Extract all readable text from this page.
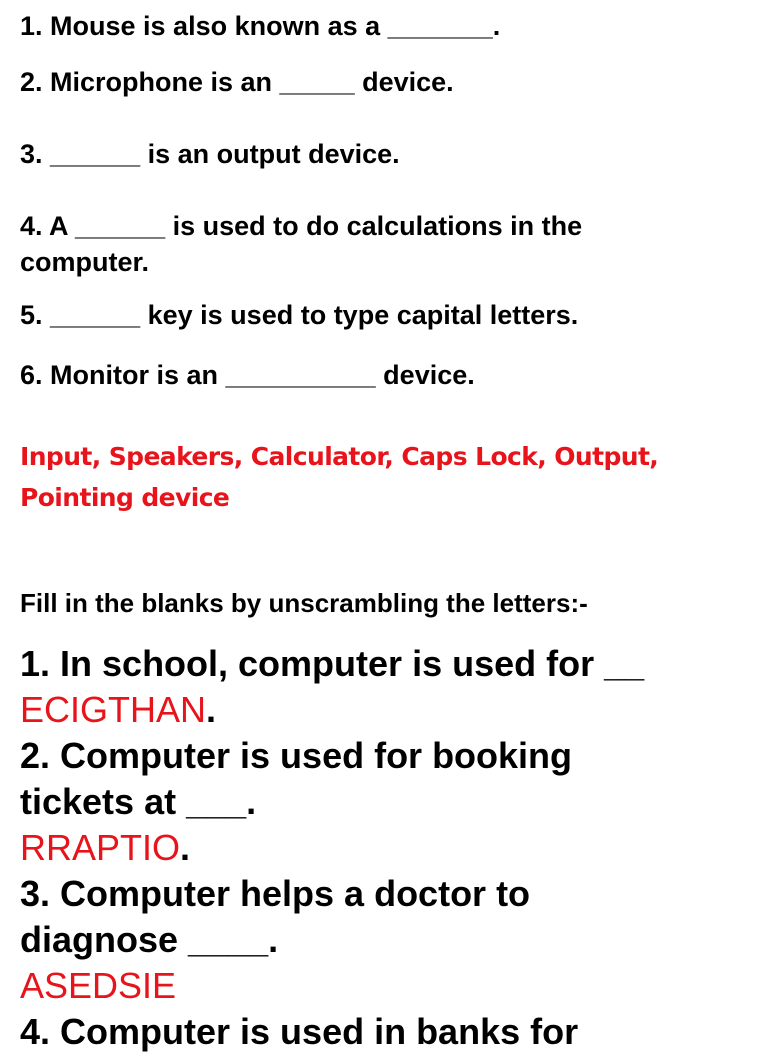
1. Mouse is also known as a _______.
2. Microphone is an _____ device.
3. ______ is an output device.
4. A ______ is used to do calculations in the
computer.
5. ______ key is used to type capital letters.
6. Monitor is an __________ device.
Input, Speakers, Calculator, Caps Lock, Output,
Pointing device
Fill in the blanks by unscrambling the letters:-
1. In school, computer is used for __
ECIGTHAN.
2. Computer is used for booking
tickets at ___.
RRAPTIO.
3. Computer helps a doctor to
diagnose ____.
ASEDSIE
4. Computer is used in banks for
